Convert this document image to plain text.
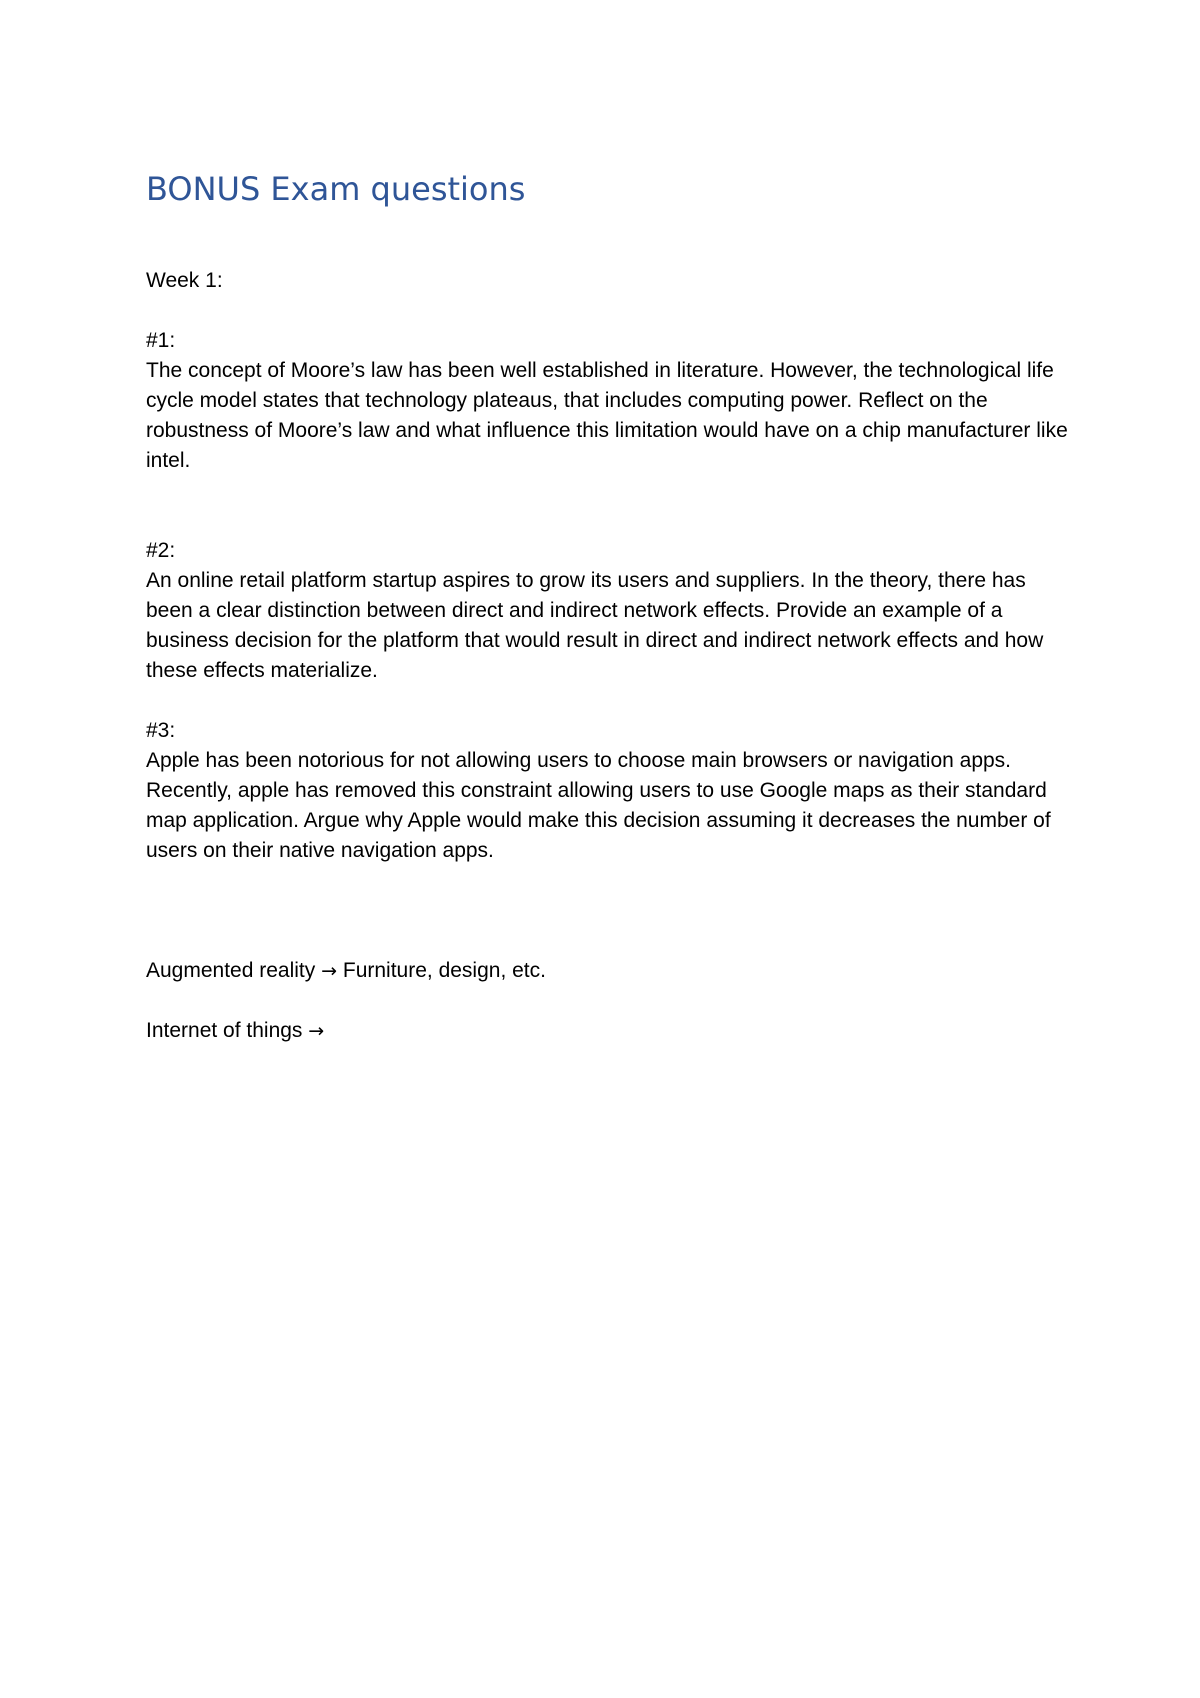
BONUS Exam questions

Week 1:

#1:

The concept of Moore’s law has been well established in literature. However, the technological life cycle model states that technology plateaus, that includes computing power. Reflect on the robustness of Moore’s law and what influence this limitation would have on a chip manufacturer like intel.

#2:

An online retail platform startup aspires to grow its users and suppliers. In the theory, there has been a clear distinction between direct and indirect network effects. Provide an example of a business decision for the platform that would result in direct and indirect network effects and how these effects materialize.

#3:

Apple has been notorious for not allowing users to choose main browsers or navigation apps. Recently, apple has removed this constraint allowing users to use Google maps as their standard map application. Argue why Apple would make this decision assuming it decreases the number of users on their native navigation apps.

Augmented reality → Furniture, design, etc.

Internet of things →
